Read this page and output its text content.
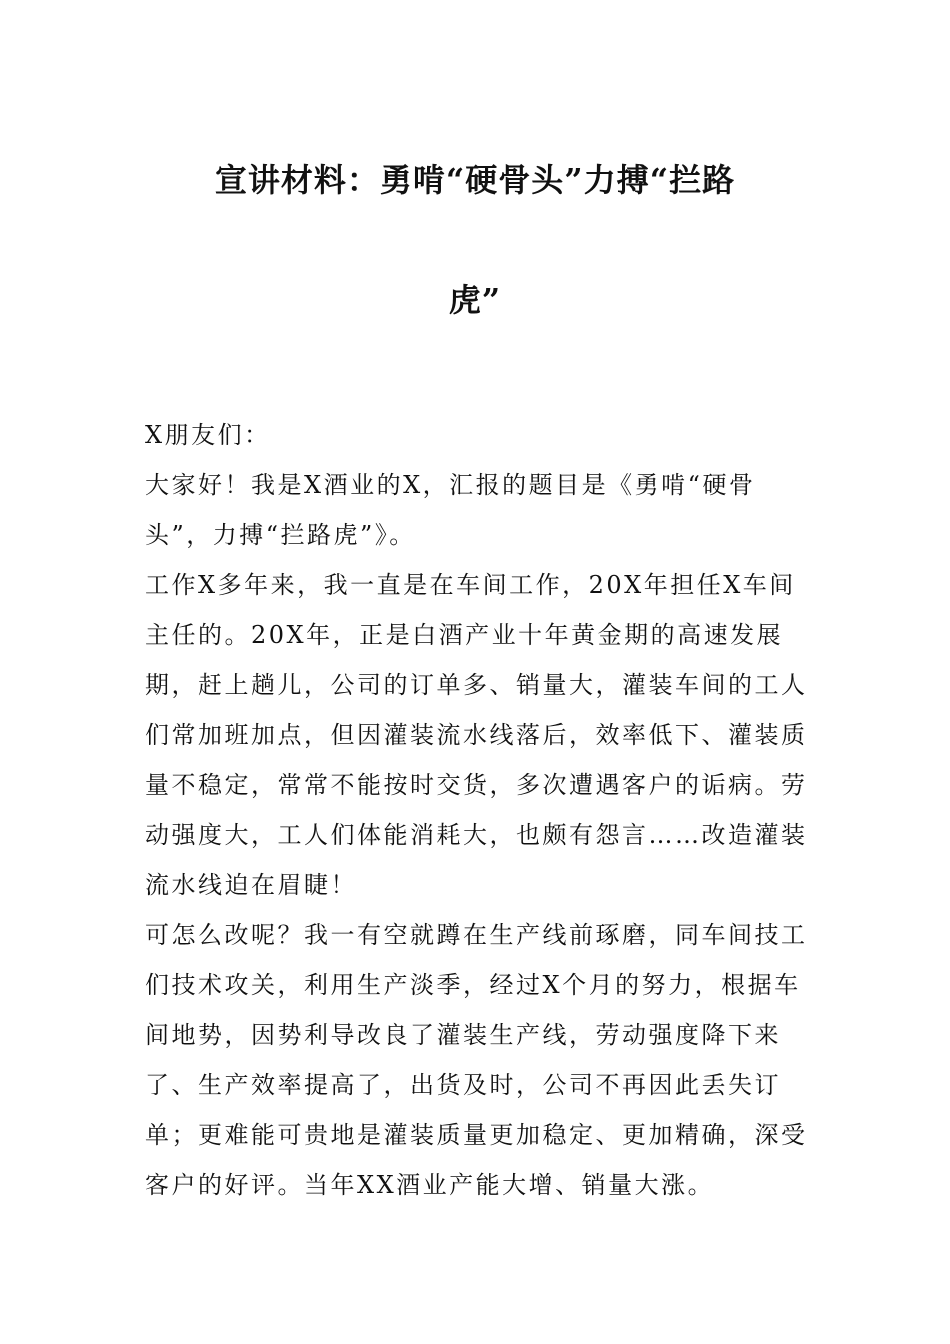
宣讲材料：勇啃“硬骨头”力搏“拦路
虎”

X朋友们：

大家好！我是X酒业的X，汇报的题目是《勇啃“硬骨头”，力搏“拦路虎”》。

工作X多年来，我一直是在车间工作，20X年担任X车间主任的。20X年，正是白酒产业十年黄金期的高速发展期，赶上趟儿，公司的订单多、销量大，灌装车间的工人们常加班加点，但因灌装流水线落后，效率低下、灌装质量不稳定，常常不能按时交货，多次遭遇客户的诟病。劳动强度大，工人们体能消耗大，也颇有怨言……改造灌装流水线迫在眉睫！

可怎么改呢？我一有空就蹲在生产线前琢磨，同车间技工们技术攻关，利用生产淡季，经过X个月的努力，根据车间地势，因势利导改良了灌装生产线，劳动强度降下来了、生产效率提高了，出货及时，公司不再因此丢失订单；更难能可贵地是灌装质量更加稳定、更加精确，深受客户的好评。当年XX酒业产能大增、销量大涨。
